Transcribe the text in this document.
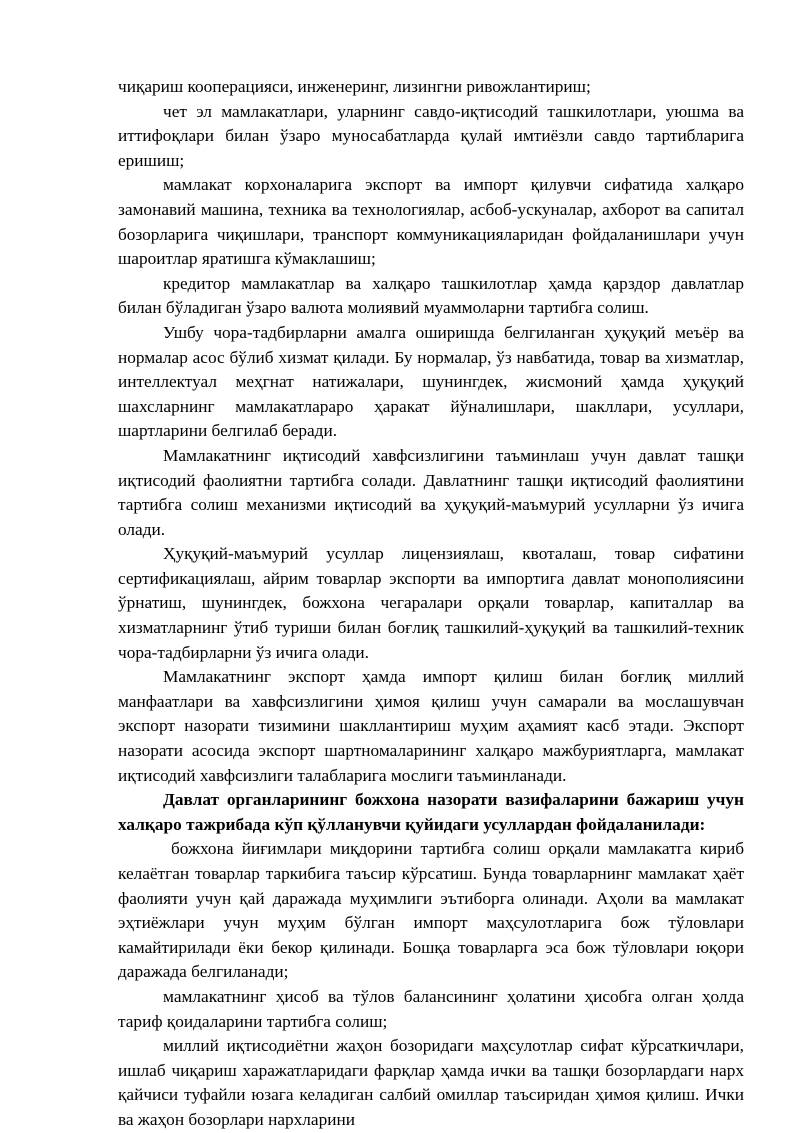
чиқариш кооперацияси, инженеринг, лизингни ривожлантириш;

чет эл мамлакатлари, уларнинг савдо-иқтисодий ташкилотлари, уюшма ва иттифоқлари билан ўзаро муносабатларда қулай имтиёзли савдо тартибларига еришиш;

мамлакат корхоналарига экспорт ва импорт қилувчи сифатида халқаро замонавий машина, техника ва технологиялар, асбоб-ускуналар, ахборот ва сапитал бозорларига чиқишлари, транспорт коммуникацияларидан фойдаланишлари учун шароитлар яратишга кўмаклашиш;

кредитор мамлакатлар ва халқаро ташкилотлар ҳамда қарздор давлатлар билан бўладиган ўзаро валюта молиявий муаммоларни тартибга солиш.

Ушбу чора-тадбирларни амалга оширишда белгиланган ҳуқуқий меъёр ва нормалар асос бўлиб хизмат қилади. Бу нормалар, ўз навбатида, товар ва хизматлар, интеллектуал меҳгнат натижалари, шунингдек, жисмоний ҳамда ҳуқуқий шахсларнинг мамлакатлараро ҳаракат йўналишлари, шакллари, усуллари, шартларини белгилаб беради.

Мамлакатнинг иқтисодий хавфсизлигини таъминлаш учун давлат ташқи иқтисодий фаолиятни тартибга солади. Давлатнинг ташқи иқтисодий фаолиятини тартибга солиш механизми иқтисодий ва ҳуқуқий-маъмурий усулларни ўз ичига олади.

Ҳуқуқий-маъмурий усуллар лицензиялаш, квоталаш, товар сифатини сертификациялаш, айрим товарлар экспорти ва импортига давлат монополиясини ўрнатиш, шунингдек, божхона чегаралари орқали товарлар, капиталлар ва хизматларнинг ўтиб туриши билан боғлиқ ташкилий-ҳуқуқий ва ташкилий-техник чора-тадбирларни ўз ичига олади.

Мамлакатнинг экспорт ҳамда импорт қилиш билан боғлиқ миллий манфаатлари ва хавфсизлигини ҳимоя қилиш учун самарали ва мослашувчан экспорт назорати тизимини шакллантириш муҳим аҳамият касб этади. Экспорт назорати асосида экспорт шартномаларининг халқаро мажбуриятларга, мамлакат иқтисодий хавфсизлиги талабларига мослиги таъминланади.

Давлат органларининг божхона назорати вазифаларини бажариш учун халқаро тажрибада кўп қўлланувчи қуйидаги усуллардан фойдаланилади:

божхона йиғимлари миқдорини тартибга солиш орқали мамлакатга кириб келаётган товарлар таркибига таъсир кўрсатиш. Бунда товарларнинг мамлакат ҳаёт фаолияти учун қай даражада муҳимлиги эътиборга олинади. Аҳоли ва мамлакат эҳтиёжлари учун муҳим бўлган импорт маҳсулотларига бож тўловлари камайтирилади ёки бекор қилинади. Бошқа товарларга эса бож тўловлари юқори даражада белгиланади;

мамлакатнинг ҳисоб ва тўлов балансининг ҳолатини ҳисобга олган ҳолда тариф қоидаларини тартибга солиш;

миллий иқтисодиётни жаҳон бозоридаги маҳсулотлар сифат кўрсаткичлари, ишлаб чиқариш харажатларидаги фарқлар ҳамда ички ва ташқи бозорлардаги нарх қайчиси туфайли юзага келадиган салбий омиллар таъсиридан ҳимоя қилиш. Ички ва жаҳон бозорлари нархларини
